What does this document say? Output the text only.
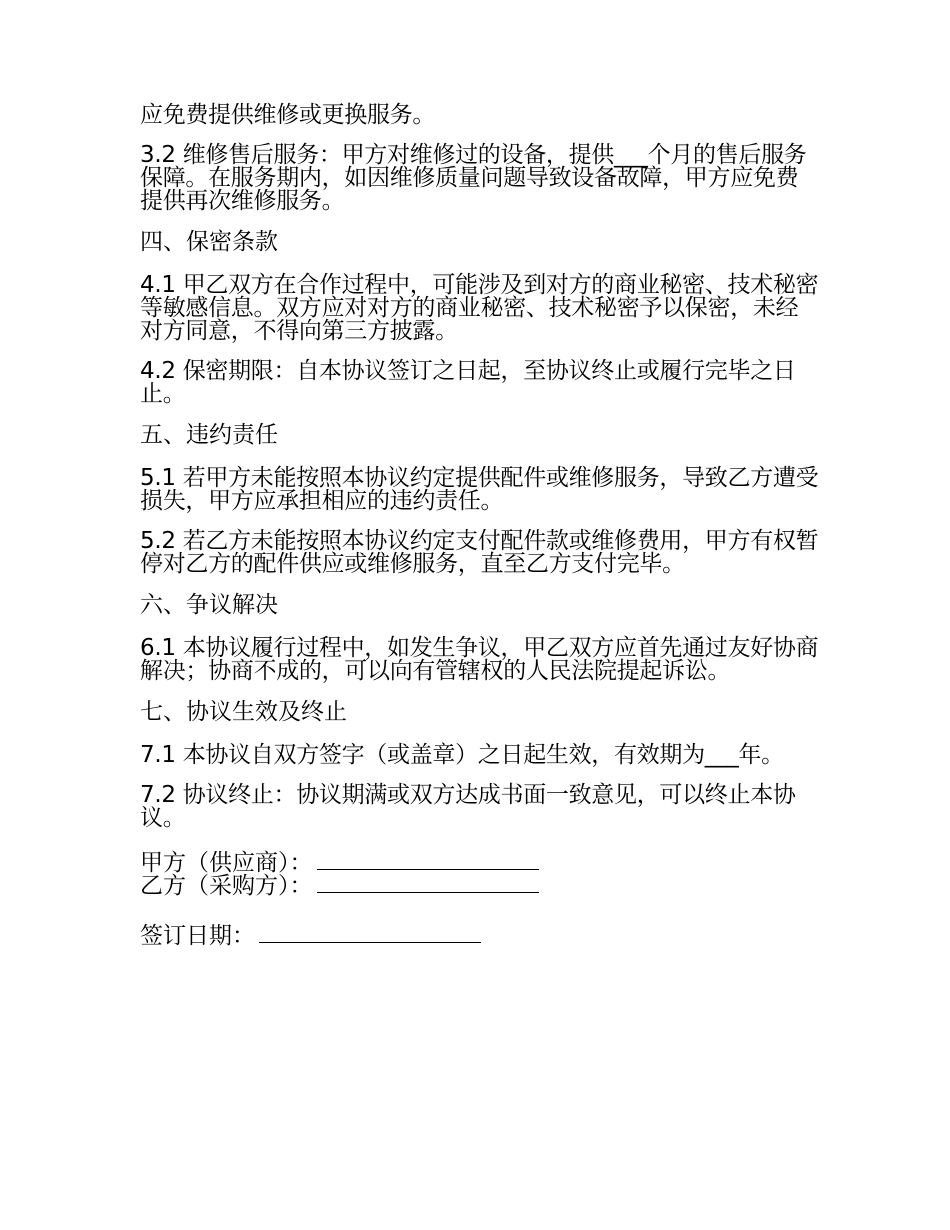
应免费提供维修或更换服务。

3.2 维修售后服务：甲方对维修过的设备，提供___个月的售后服务保障。在服务期内，如因维修质量问题导致设备故障，甲方应免费提供再次维修服务。

四、保密条款

4.1 甲乙双方在合作过程中，可能涉及到对方的商业秘密、技术秘密等敏感信息。双方应对对方的商业秘密、技术秘密予以保密，未经对方同意，不得向第三方披露。

4.2 保密期限：自本协议签订之日起，至协议终止或履行完毕之日止。

五、违约责任

5.1 若甲方未能按照本协议约定提供配件或维修服务，导致乙方遭受损失，甲方应承担相应的违约责任。

5.2 若乙方未能按照本协议约定支付配件款或维修费用，甲方有权暂停对乙方的配件供应或维修服务，直至乙方支付完毕。

六、争议解决

6.1 本协议履行过程中，如发生争议，甲乙双方应首先通过友好协商解决；协商不成的，可以向有管辖权的人民法院提起诉讼。

七、协议生效及终止

7.1 本协议自双方签字（或盖章）之日起生效，有效期为___年。

7.2 协议终止：协议期满或双方达成书面一致意见，可以终止本协议。

甲方（供应商）：
乙方（采购方）：
签订日期：
